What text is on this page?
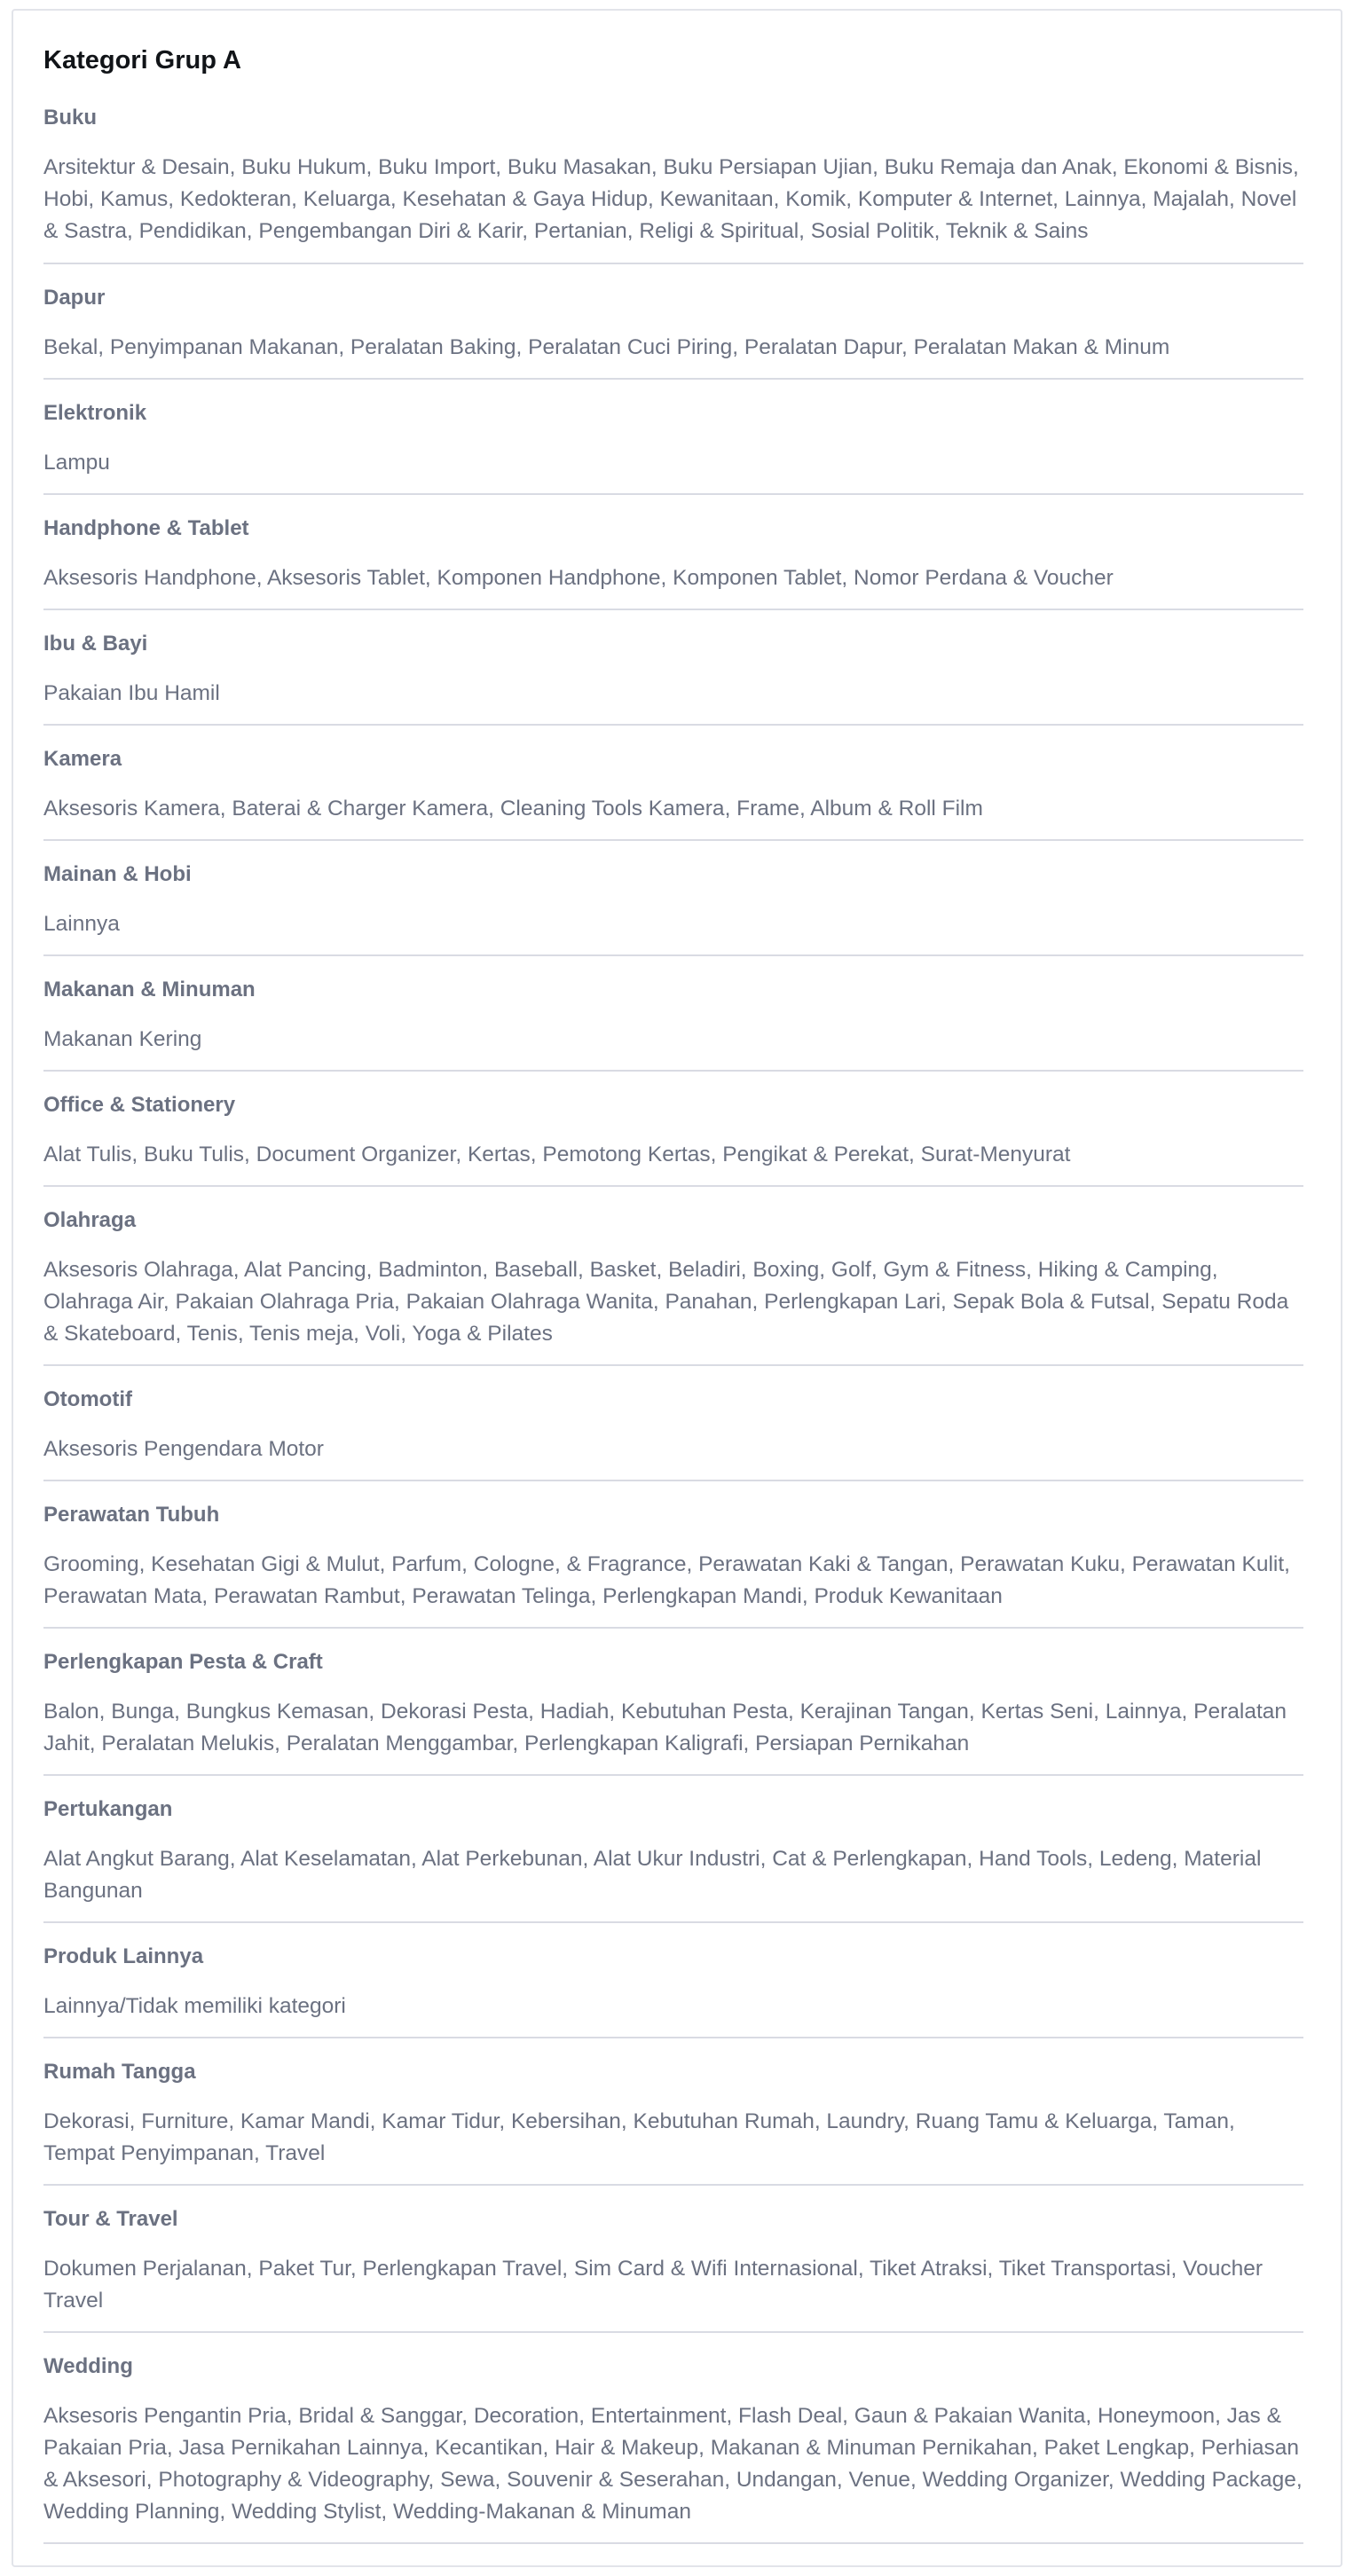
Kategori Grup A
Buku

Arsitektur & Desain, Buku Hukum, Buku Import, Buku Masakan, Buku Persiapan Ujian, Buku Remaja dan Anak, Ekonomi & Bisnis, Hobi, Kamus, Kedokteran, Keluarga, Kesehatan & Gaya Hidup, Kewanitaan, Komik, Komputer & Internet, Lainnya, Majalah, Novel & Sastra, Pendidikan, Pengembangan Diri & Karir, Pertanian, Religi & Spiritual, Sosial Politik, Teknik & Sains

Dapur

Bekal, Penyimpanan Makanan, Peralatan Baking, Peralatan Cuci Piring, Peralatan Dapur, Peralatan Makan & Minum

Elektronik

Lampu

Handphone & Tablet

Aksesoris Handphone, Aksesoris Tablet, Komponen Handphone, Komponen Tablet, Nomor Perdana & Voucher

Ibu & Bayi

Pakaian Ibu Hamil

Kamera

Aksesoris Kamera, Baterai & Charger Kamera, Cleaning Tools Kamera, Frame, Album & Roll Film

Mainan & Hobi

Lainnya

Makanan & Minuman

Makanan Kering

Office & Stationery

Alat Tulis, Buku Tulis, Document Organizer, Kertas, Pemotong Kertas, Pengikat & Perekat, Surat-Menyurat

Olahraga

Aksesoris Olahraga, Alat Pancing, Badminton, Baseball, Basket, Beladiri, Boxing, Golf, Gym & Fitness, Hiking & Camping, Olahraga Air, Pakaian Olahraga Pria, Pakaian Olahraga Wanita, Panahan, Perlengkapan Lari, Sepak Bola & Futsal, Sepatu Roda & Skateboard, Tenis, Tenis meja, Voli, Yoga & Pilates

Otomotif

Aksesoris Pengendara Motor

Perawatan Tubuh

Grooming, Kesehatan Gigi & Mulut, Parfum, Cologne, & Fragrance, Perawatan Kaki & Tangan, Perawatan Kuku, Perawatan Kulit, Perawatan Mata, Perawatan Rambut, Perawatan Telinga, Perlengkapan Mandi, Produk Kewanitaan

Perlengkapan Pesta & Craft

Balon, Bunga, Bungkus Kemasan, Dekorasi Pesta, Hadiah, Kebutuhan Pesta, Kerajinan Tangan, Kertas Seni, Lainnya, Peralatan Jahit, Peralatan Melukis, Peralatan Menggambar, Perlengkapan Kaligrafi, Persiapan Pernikahan

Pertukangan

Alat Angkut Barang, Alat Keselamatan, Alat Perkebunan, Alat Ukur Industri, Cat & Perlengkapan, Hand Tools, Ledeng, Material Bangunan

Produk Lainnya

Lainnya/Tidak memiliki kategori

Rumah Tangga

Dekorasi, Furniture, Kamar Mandi, Kamar Tidur, Kebersihan, Kebutuhan Rumah, Laundry, Ruang Tamu & Keluarga, Taman, Tempat Penyimpanan, Travel

Tour & Travel

Dokumen Perjalanan, Paket Tur, Perlengkapan Travel, Sim Card & Wifi Internasional, Tiket Atraksi, Tiket Transportasi, Voucher Travel

Wedding

Aksesoris Pengantin Pria, Bridal & Sanggar, Decoration, Entertainment, Flash Deal, Gaun & Pakaian Wanita, Honeymoon, Jas & Pakaian Pria, Jasa Pernikahan Lainnya, Kecantikan, Hair & Makeup, Makanan & Minuman Pernikahan, Paket Lengkap, Perhiasan & Aksesori, Photography & Videography, Sewa, Souvenir & Seserahan, Undangan, Venue, Wedding Organizer, Wedding Package, Wedding Planning, Wedding Stylist, Wedding-Makanan & Minuman
